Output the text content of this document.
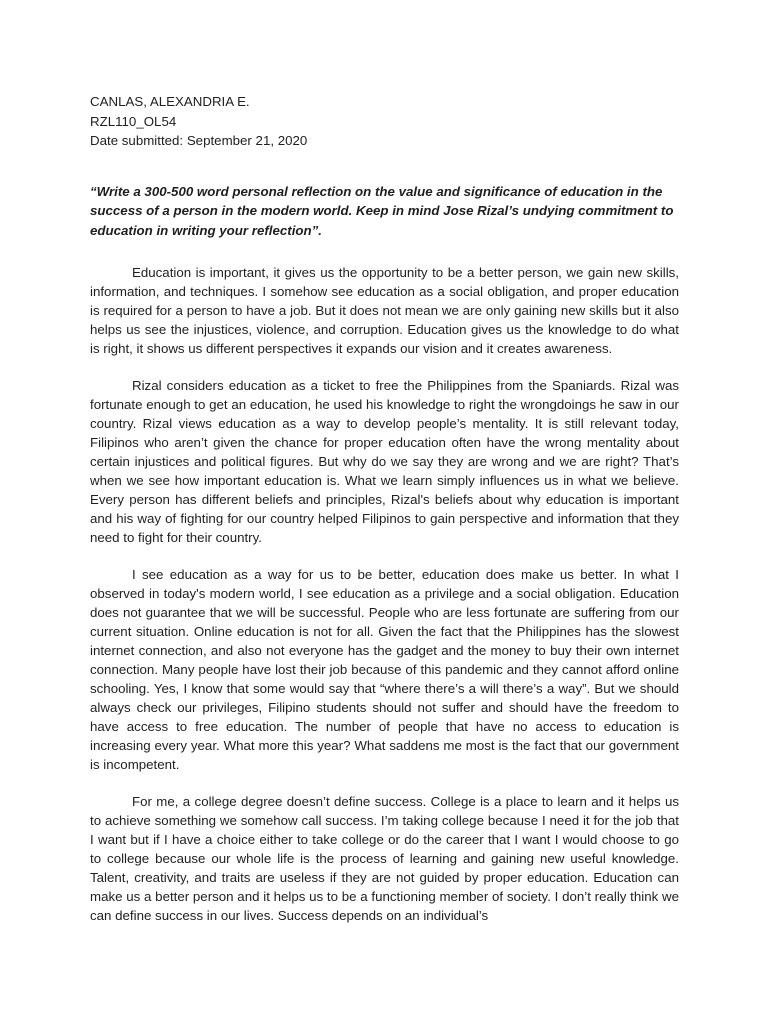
CANLAS, ALEXANDRIA E.

RZL110_OL54

Date submitted: September 21, 2020

“Write a 300-500 word personal reflection on the value and significance of education in the success of a person in the modern world. Keep in mind Jose Rizal’s undying commitment to education in writing your reflection”.

Education is important, it gives us the opportunity to be a better person, we gain new skills, information, and techniques. I somehow see education as a social obligation, and proper education is required for a person to have a job. But it does not mean we are only gaining new skills but it also helps us see the injustices, violence, and corruption. Education gives us the knowledge to do what is right, it shows us different perspectives it expands our vision and it creates awareness.

Rizal considers education as a ticket to free the Philippines from the Spaniards. Rizal was fortunate enough to get an education, he used his knowledge to right the wrongdoings he saw in our country. Rizal views education as a way to develop people’s mentality. It is still relevant today, Filipinos who aren’t given the chance for proper education often have the wrong mentality about certain injustices and political figures. But why do we say they are wrong and we are right? That’s when we see how important education is. What we learn simply influences us in what we believe. Every person has different beliefs and principles, Rizal's beliefs about why education is important and his way of fighting for our country helped Filipinos to gain perspective and information that they need to fight for their country.

I see education as a way for us to be better, education does make us better. In what I observed in today's modern world, I see education as a privilege and a social obligation. Education does not guarantee that we will be successful. People who are less fortunate are suffering from our current situation. Online education is not for all. Given the fact that the Philippines has the slowest internet connection, and also not everyone has the gadget and the money to buy their own internet connection. Many people have lost their job because of this pandemic and they cannot afford online schooling. Yes, I know that some would say that “where there’s a will there’s a way”. But we should always check our privileges, Filipino students should not suffer and should have the freedom to have access to free education. The number of people that have no access to education is increasing every year. What more this year? What saddens me most is the fact that our government is incompetent.

For me, a college degree doesn’t define success. College is a place to learn and it helps us to achieve something we somehow call success. I’m taking college because I need it for the job that I want but if I have a choice either to take college or do the career that I want I would choose to go to college because our whole life is the process of learning and gaining new useful knowledge. Talent, creativity, and traits are useless if they are not guided by proper education. Education can make us a better person and it helps us to be a functioning member of society. I don’t really think we can define success in our lives. Success depends on an individual’s
